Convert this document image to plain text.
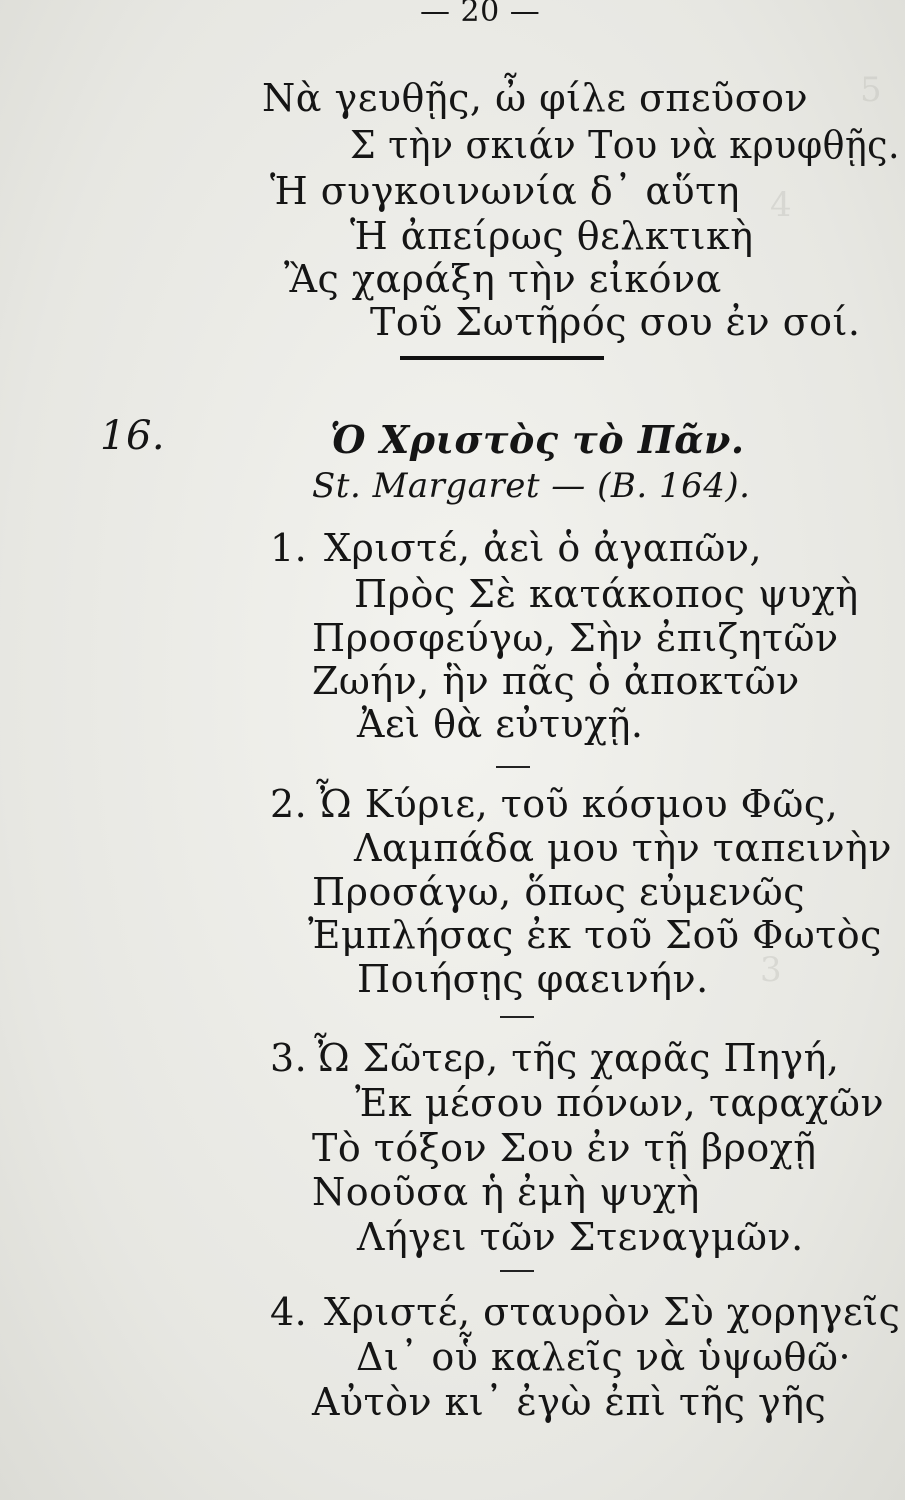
5
4
3
— 20 —
Νὰ γευθῇς, ὦ φίλε σπεῦσον
Σ τὴν σκιάν Του νὰ κρυφθῇς.
Ἡ συγκοινωνία δ᾽ αὕτη
Ἡ ἀπείρως θελκτικὴ
Ἂς χαράξη τὴν εἰκόνα
Τοῦ Σωτῆρός σου ἐν σοί.
16.	Ὁ Χριστὸς τὸ Πᾶν.
St. Margaret — (B. 164).
1. Χριστέ, ἀεὶ ὁ ἀγαπῶν,
Πρὸς Σὲ κατάκοπος ψυχὴ
Προσφεύγω, Σὴν ἐπιζητῶν
Ζωήν, ἣν πᾶς ὁ ἀποκτῶν
Ἀεὶ θὰ εὐτυχῇ.
2. Ὦ Κύριε, τοῦ κόσμου Φῶς,
Λαμπάδα μου τὴν ταπεινὴν
Προσάγω, ὅπως εὐμενῶς
Ἐμπλήσας ἐκ τοῦ Σοῦ Φωτὸς
Ποιήσῃς φαεινήν.
3. Ὦ Σῶτερ, τῆς χαρᾶς Πηγή,
Ἐκ μέσου πόνων, ταραχῶν
Τὸ τόξον Σου ἐν τῇ βροχῇ
Νοοῦσα ἡ ἐμὴ ψυχὴ
Λήγει τῶν Στεναγμῶν.
4. Χριστέ, σταυρὸν Σὺ χορηγεῖς
Δι᾽ οὗ καλεῖς νὰ ὑψωθῶ·
Αὐτὸν κι᾽ ἐγὼ ἐπὶ τῆς γῆς
